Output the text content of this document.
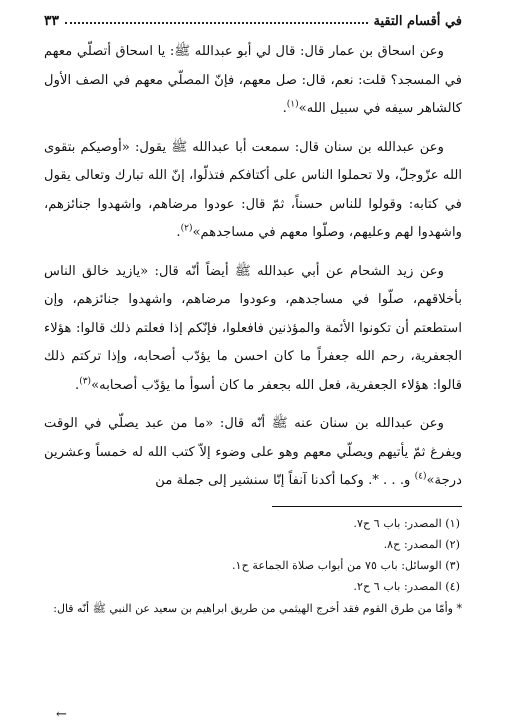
في أقسام التقية
٣٣

وعن اسحاق بن عمار قال: قال لي أبو عبدالله ﷺ: يا اسحاق أتصلّي معهم في المسجد؟ قلت: نعم، قال: صل معهم، فإنّ المصلّي معهم في الصف الأول كالشاهر سيفه في سبيل الله»$^{(١)}$.

وعن عبدالله بن سنان قال: سمعت أبا عبدالله ﷺ يقول: «أوصيكم بتقوى الله عزّوجلّ، ولا تحملوا الناس على أكتافكم فتذلّوا، إنّ الله تبارك وتعالى يقول في كتابه: وقولوا للناس حسناً، ثمّ قال: عودوا مرضاهم، واشهدوا جنائزهم، واشهدوا لهم وعليهم، وصلّوا معهم في مساجدهم»$^{(٢)}$.

وعن زيد الشحام عن أبي عبدالله ﷺ أيضاً أنّه قال: «يازيد خالق الناس بأخلاقهم، صلّوا في مساجدهم، وعودوا مرضاهم، واشهدوا جنائزهم، وإن استطعتم أن تكونوا الأئمة والمؤذنين فافعلوا، فإنّكم إذا فعلتم ذلك قالوا: هؤلاء الجعفرية، رحم الله جعفراً ما كان احسن ما يؤدّب أصحابه، وإذا تركتم ذلك قالوا: هؤلاء الجعفرية، فعل الله بجعفر ما كان أسوأ ما يؤدّب أصحابه»$^{(٣)}$.

وعن عبدالله بن سنان عنه ﷺ أنّه قال: «ما من عبد يصلّي في الوقت ويفرغ ثمّ يأتيهم ويصلّي معهم وهو على وضوء إلاّ كتب الله له خمساً وعشرين درجة»$^{(٤)}$ و. . . *. وكما أكدنا آنفاً إنّا سنشير إلى جملة من

(١) المصدر: باب ٦ ح٧.

(٢) المصدر: ح٨.

(٣) الوسائل: باب ٧٥ من أبواب صلاة الجماعة ح١.

(٤) المصدر: باب ٦ ح٢.

* وأمّا من طرق القوم فقد أخرج الهيثمي من طريق ابراهيم بن سعيد عن النبي ﷺ أنّه قال:

←
